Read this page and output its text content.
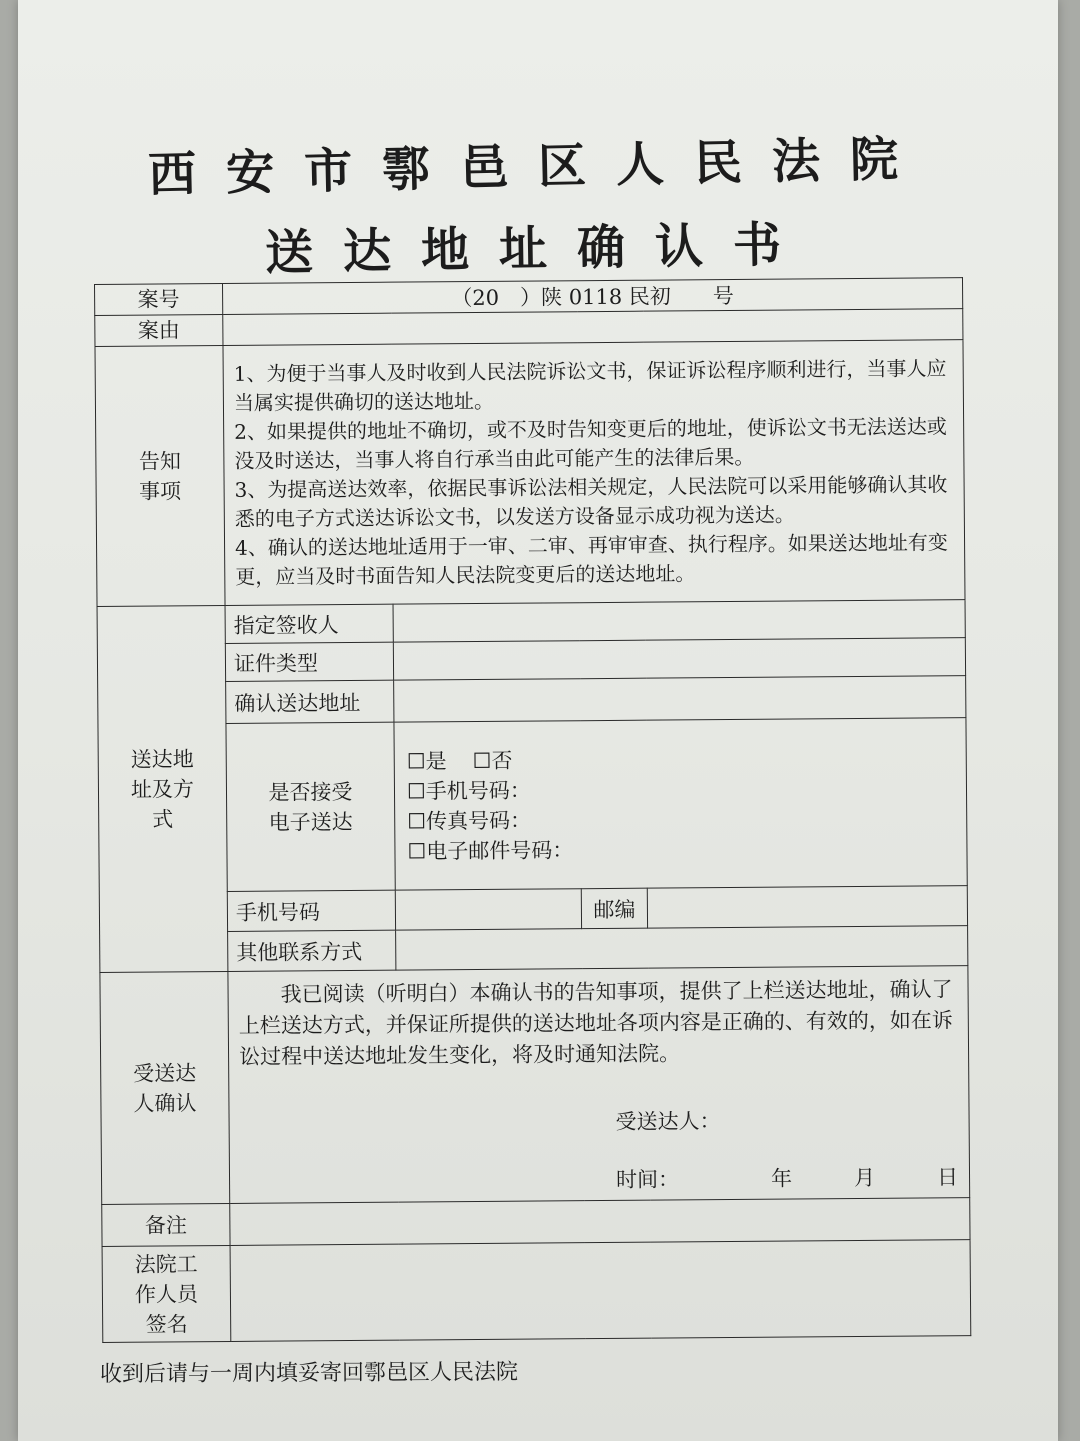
西安市鄠邑区人民法院
送达地址确认书
案号	（20　）陕 0118 民初　　号			
案由				

告知事项	1、为便于当事人及时收到人民法院诉讼文书，保证诉讼程序顺利进行，当事人应当属实提供确切的送达地址。

2、如果提供的地址不确切，或不及时告知变更后的地址，使诉讼文书无法送达或没及时送达，当事人将自行承当由此可能产生的法律后果。

3、为提高送达效率，依据民事诉讼法相关规定，人民法院可以采用能够确认其收悉的电子方式送达诉讼文书，以发送方设备显示成功视为送达。

4、确认的送达地址适用于一审、二审、再审审查、执行程序。如果送达地址有变更，应当及时书面告知人民法院变更后的送达地址。			

送达地址及方式	指定签收人			
	证件类型			
	确认送达地址			

	是否接受电子送达	☐是 ☐否
☐手机号码：
☐传真号码：
☐电子邮件号码：		

	手机号码		邮编	
	其他联系方式			

受送达人确认	我已阅读（听明白）本确认书的告知事项，提供了上栏送达地址，确认了上栏送达方式，并保证所提供的送达地址各项内容是正确的、有效的，如在诉讼过程中送达地址发生变化，将及时通知法院。

受送达人：
时间： 年 月 日			

备注				

法院工作人员签名				

收到后请与一周内填妥寄回鄠邑区人民法院
